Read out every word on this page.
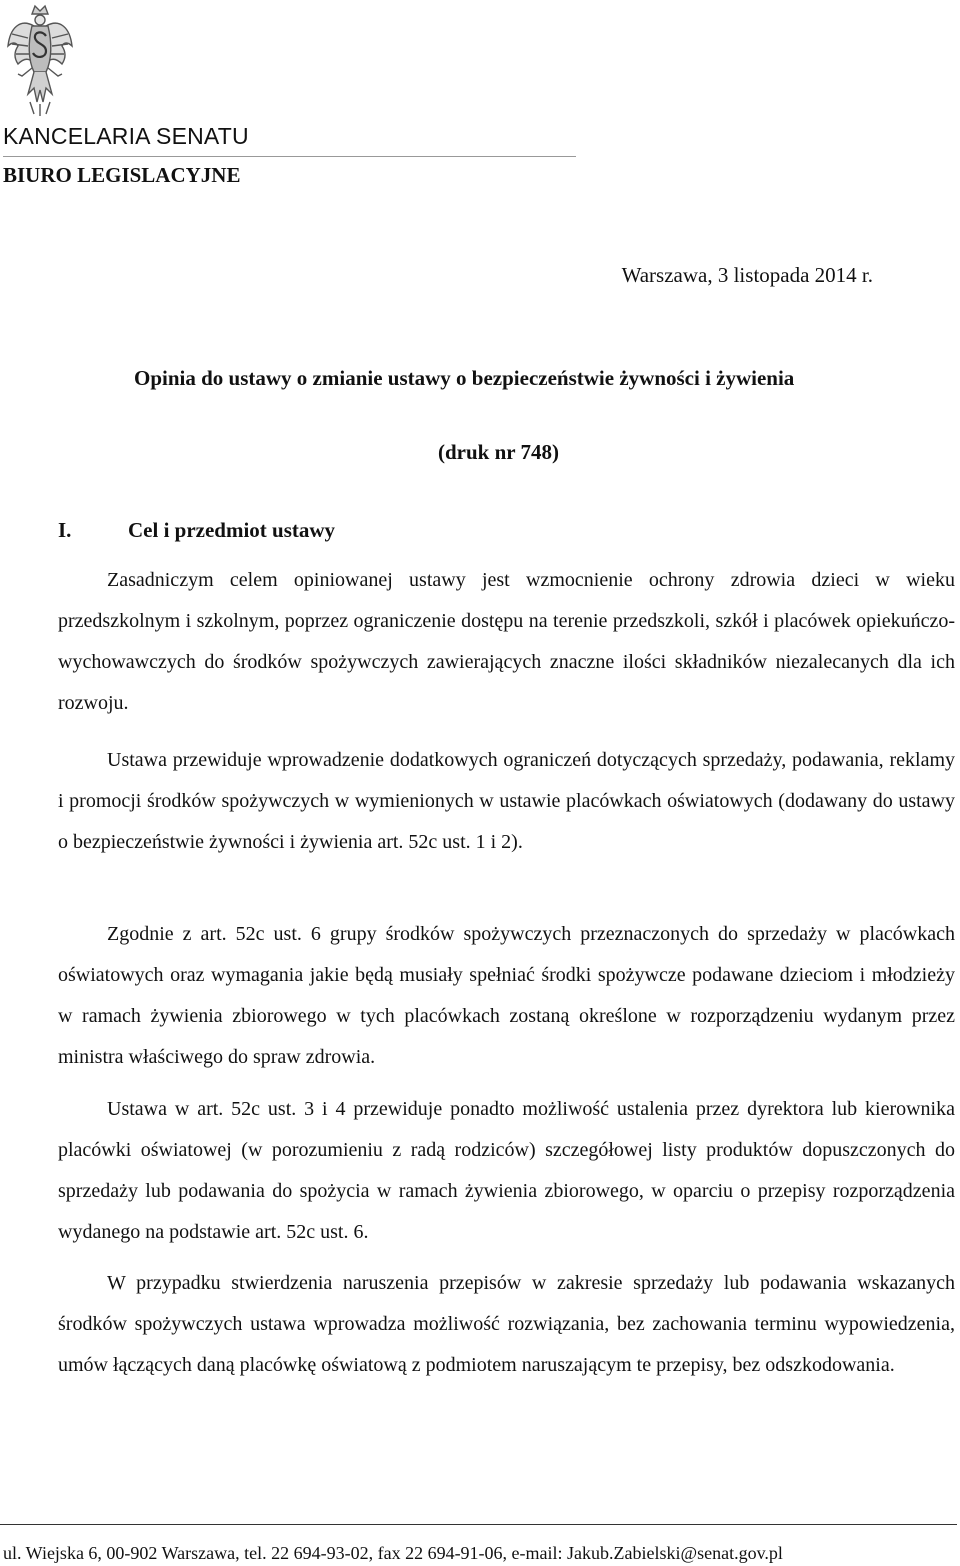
KANCELARIA SENATU
BIURO LEGISLACYJNE
Warszawa, 3 listopada 2014 r.
Opinia do ustawy o zmianie ustawy o bezpieczeństwie żywności i żywienia
(druk nr 748)
I.	Cel i przedmiot ustawy

Zasadniczym celem opiniowanej ustawy jest wzmocnienie ochrony zdrowia dzieci w wieku przedszkolnym i szkolnym, poprzez ograniczenie dostępu na terenie przedszkoli, szkół i placówek opiekuńczo-wychowawczych do środków spożywczych zawierających znaczne ilości składników niezalecanych dla ich rozwoju.

Ustawa przewiduje wprowadzenie dodatkowych ograniczeń dotyczących sprzedaży, podawania, reklamy i promocji środków spożywczych w wymienionych w ustawie placówkach oświatowych (dodawany do ustawy o bezpieczeństwie żywności i żywienia art. 52c ust. 1 i 2).

Zgodnie z art. 52c ust. 6 grupy środków spożywczych przeznaczonych do sprzedaży w placówkach oświatowych oraz wymagania jakie będą musiały spełniać środki spożywcze podawane dzieciom i młodzieży w ramach żywienia zbiorowego w tych placówkach zostaną określone w rozporządzeniu wydanym przez ministra właściwego do spraw zdrowia.

Ustawa w art. 52c ust. 3 i 4 przewiduje ponadto możliwość ustalenia przez dyrektora lub kierownika placówki oświatowej (w porozumieniu z radą rodziców) szczegółowej listy produktów dopuszczonych do sprzedaży lub podawania do spożycia w ramach żywienia zbiorowego, w oparciu o przepisy rozporządzenia wydanego na podstawie art. 52c ust. 6.

W przypadku stwierdzenia naruszenia przepisów w zakresie sprzedaży lub podawania wskazanych środków spożywczych ustawa wprowadza możliwość rozwiązania, bez zachowania terminu wypowiedzenia, umów łączących daną placówkę oświatową z podmiotem naruszającym te przepisy, bez odszkodowania.

ul. Wiejska 6, 00-902 Warszawa, tel. 22 694-93-02, fax 22 694-91-06, e-mail: Jakub.Zabielski@senat.gov.pl
